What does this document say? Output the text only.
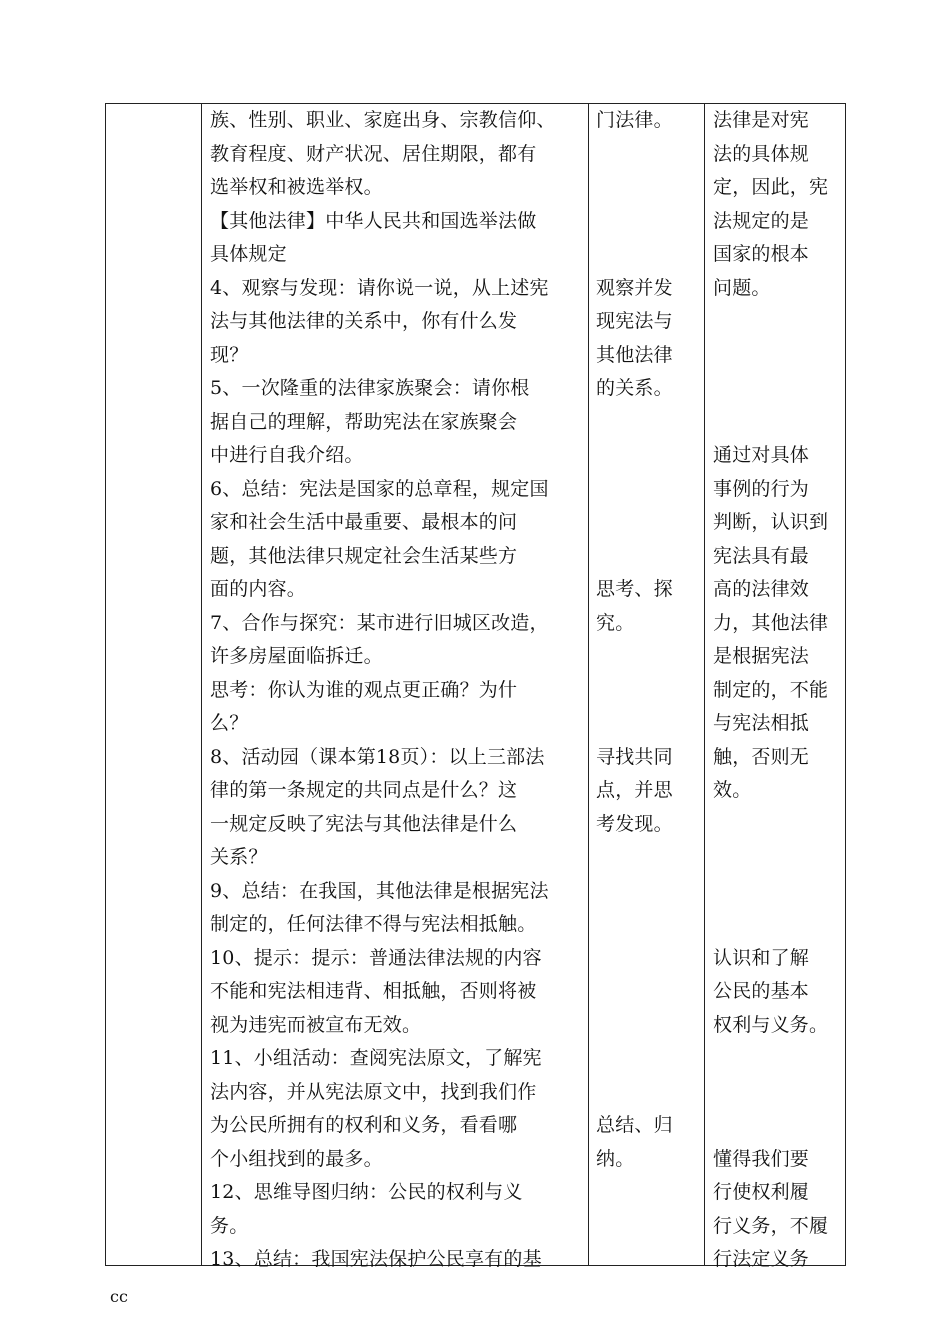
族、性别、职业、家庭出身、宗教信仰、
教育程度、财产状况、居住期限，都有
选举权和被选举权。
【其他法律】中华人民共和国选举法做
具体规定
4、观察与发现：请你说一说，从上述宪
法与其他法律的关系中，你有什么发
现？
5、一次隆重的法律家族聚会：请你根
据自己的理解，帮助宪法在家族聚会
中进行自我介绍。
6、总结：宪法是国家的总章程，规定国
家和社会生活中最重要、最根本的问
题，其他法律只规定社会生活某些方
面的内容。
7、合作与探究：某市进行旧城区改造，
许多房屋面临拆迁。
思考：你认为谁的观点更正确？为什
么？
8、活动园（课本第18页）：以上三部法
律的第一条规定的共同点是什么？这
一规定反映了宪法与其他法律是什么
关系？
9、总结：在我国，其他法律是根据宪法
制定的，任何法律不得与宪法相抵触。
10、提示：提示：普通法律法规的内容
不能和宪法相违背、相抵触，否则将被
视为违宪而被宣布无效。
11、小组活动：查阅宪法原文，了解宪
法内容，并从宪法原文中，找到我们作
为公民所拥有的权利和义务，看看哪
个小组找到的最多。
12、思维导图归纳：公民的权利与义
务。
13、总结：我国宪法保护公民享有的基
门法律。
观察并发
现宪法与
其他法律
的关系。
思考、探
究。
寻找共同
点，并思
考发现。
总结、归
纳。
法律是对宪
法的具体规
定，因此，宪
法规定的是
国家的根本
问题。
通过对具体
事例的行为
判断，认识到
宪法具有最
高的法律效
力，其他法律
是根据宪法
制定的，不能
与宪法相抵
触，否则无
效。
认识和了解
公民的基本
权利与义务。
懂得我们要
行使权利履
行义务，不履
行法定义务
cc
